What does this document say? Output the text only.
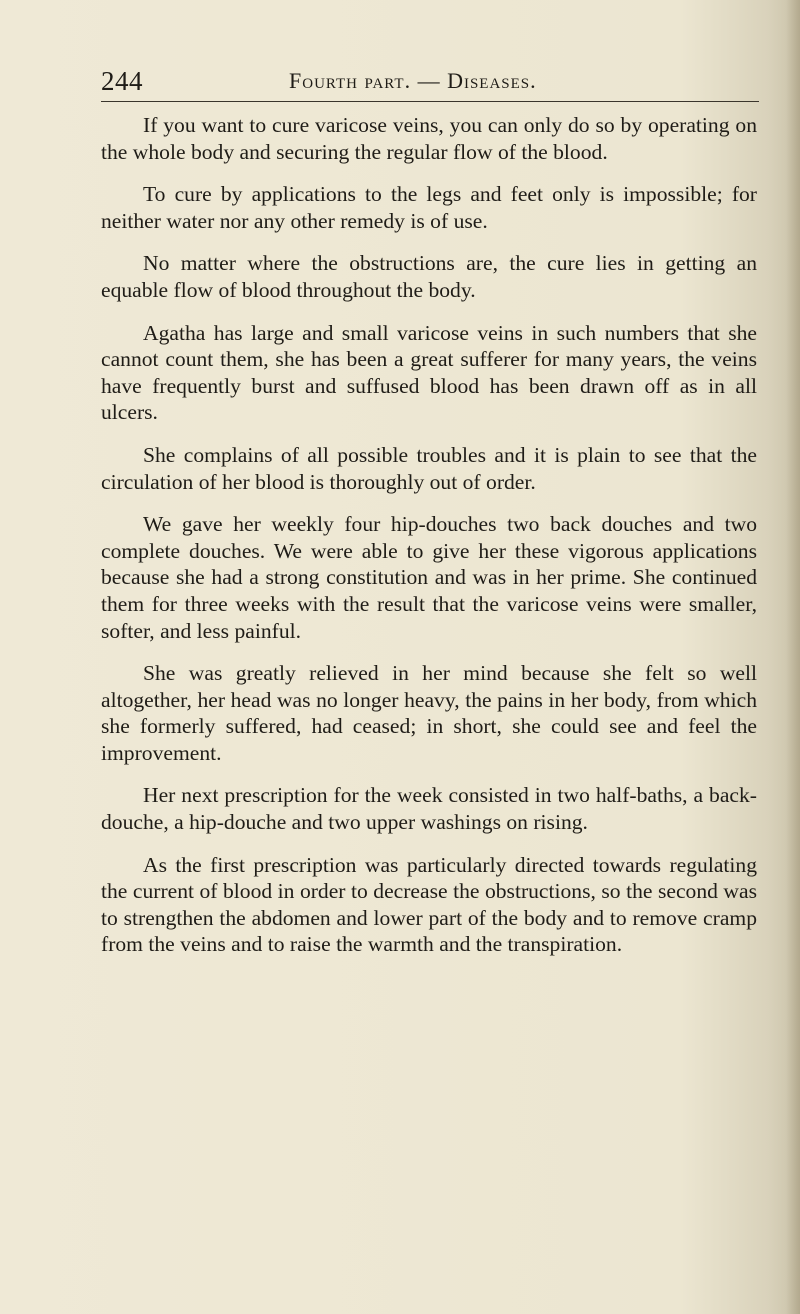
244	Fourth part. — Diseases.

If you want to cure varicose veins, you can only do so by operating on the whole body and securing the regular flow of the blood.

To cure by applications to the legs and feet only is impossible; for neither water nor any other remedy is of use.

No matter where the obstructions are, the cure lies in getting an equable flow of blood throughout the body.

Agatha has large and small varicose veins in such numbers that she cannot count them, she has been a great sufferer for many years, the veins have frequently burst and suffused blood has been drawn off as in all ulcers.

She complains of all possible troubles and it is plain to see that the circulation of her blood is thoroughly out of order.

We gave her weekly four hip-douches two back douches and two complete douches. We were able to give her these vigorous applications because she had a strong constitution and was in her prime. She continued them for three weeks with the result that the varicose veins were smaller, softer, and less painful.

She was greatly relieved in her mind because she felt so well altogether, her head was no longer heavy, the pains in her body, from which she formerly suffered, had ceased; in short, she could see and feel the improvement.

Her next prescription for the week consisted in two half-baths, a back-douche, a hip-douche and two upper washings on rising.

As the first prescription was particularly directed towards regulating the current of blood in order to decrease the obstructions, so the second was to strengthen the abdomen and lower part of the body and to remove cramp from the veins and to raise the warmth and the transpiration.
